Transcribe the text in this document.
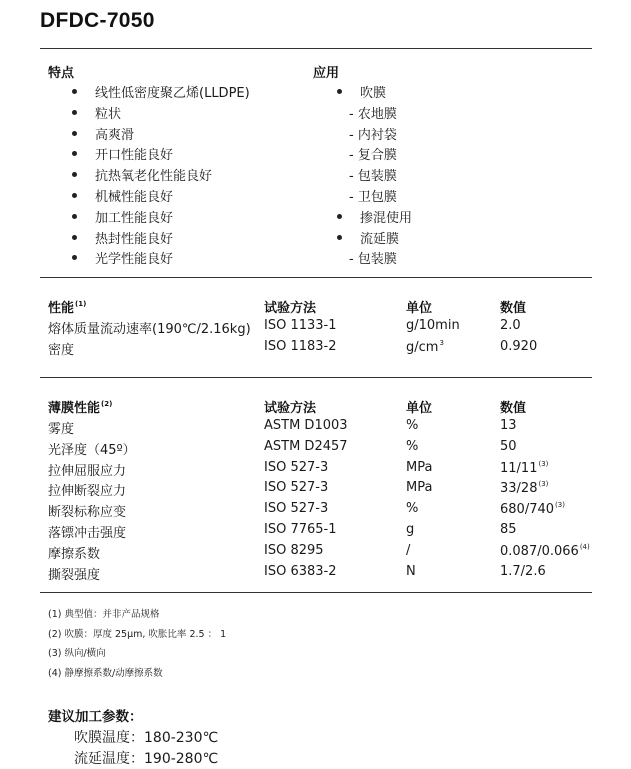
DFDC-7050
特点
线性低密度聚乙烯(LLDPE)
粒状
高爽滑
开口性能良好
抗热氧老化性能良好
机械性能良好
加工性能良好
热封性能良好
光学性能良好
应用
吹膜
- 农地膜
- 内衬袋
- 复合膜
- 包装膜
- 卫包膜
掺混使用
流延膜
- 包装膜
性能$^{(1)}$	试验方法	单位	数值
熔体质量流动速率(190℃/2.16kg) ISO 1133-1	g/10min	2.0
密度	ISO 1183-2	$g/cm^3$	0.920
薄膜性能$^{(2)}$	试验方法	单位	数值
雾度	ASTM D1003	%	13
光泽度（45º）	ASTM D2457	%	50
拉伸屈服应力	ISO 527-3	MPa	11/11$^{(3)}$
拉伸断裂应力	ISO 527-3	MPa	33/28$^{(3)}$
断裂标称应变	ISO 527-3	%	680/740$^{(3)}$
落镖冲击强度	ISO 7765-1	g	85
摩擦系数	ISO 8295	/	0.087/0.066$^{(4)}$
撕裂强度	ISO 6383-2	N	1.7/2.6
(1) 典型值：并非产品规格
(2) 吹膜：厚度 25μm, 吹胀比率 2.5 ： 1
(3) 纵向/横向
(4) 静摩擦系数/动摩擦系数
建议加工参数：
吹膜温度：180-230℃
流延温度：190-280℃
